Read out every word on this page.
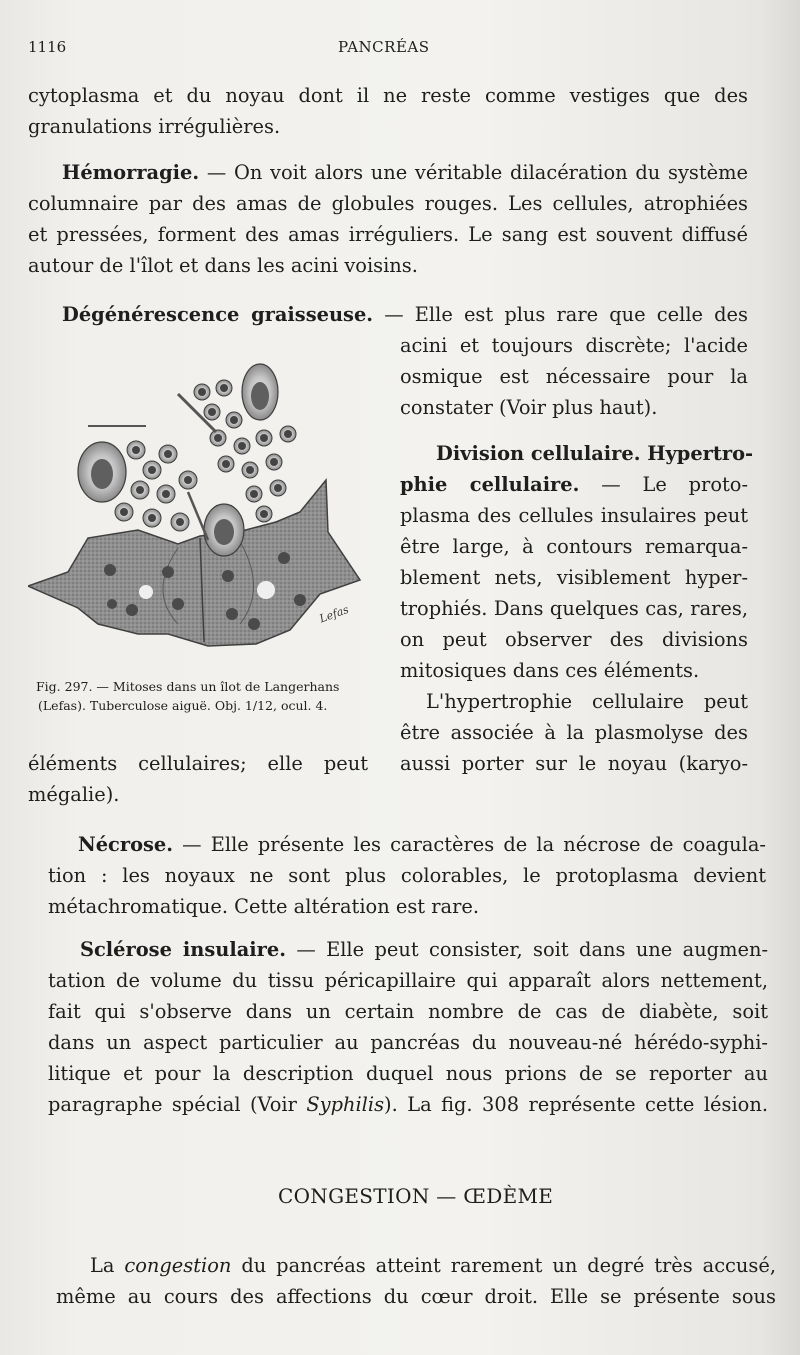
1116	PANCRÉAS
cytoplasma et du noyau dont il ne reste comme vestiges que des
granulations irrégulières.
Hémorragie. — On voit alors une véritable dilacération du système
columnaire par des amas de globules rouges. Les cellules, atrophiées
et pressées, forment des amas irréguliers. Le sang est souvent diffusé
autour de l'îlot et dans les acini voisins.
Dégénérescence graisseuse. — Elle est plus rare que celle des
acini et toujours discrète; l'acide
osmique est nécessaire pour la
constater (Voir plus haut).
Division cellulaire. Hypertro-
phie cellulaire. — Le proto-
plasma des cellules insulaires peut
être large, à contours remarqua-
blement nets, visiblement hyper-
trophiés. Dans quelques cas, rares,
on peut observer des divisions
mitosiques dans ces éléments.
L'hypertrophie cellulaire peut
être associée à la plasmolyse des
éléments cellulaires; elle peut aussi porter sur le noyau (karyo-
mégalie).
Lefas
Fig. 297. — Mitoses dans un îlot de Langerhans
(Lefas). Tuberculose aiguë. Obj. 1/12, ocul. 4.
Nécrose. — Elle présente les caractères de la nécrose de coagula-
tion : les noyaux ne sont plus colorables, le protoplasma devient
métachromatique. Cette altération est rare.
Sclérose insulaire. — Elle peut consister, soit dans une augmen-
tation de volume du tissu péricapillaire qui apparaît alors nettement,
fait qui s'observe dans un certain nombre de cas de diabète, soit
dans un aspect particulier au pancréas du nouveau-né hérédo-syphi-
litique et pour la description duquel nous prions de se reporter au
paragraphe spécial (Voir Syphilis). La fig. 308 représente cette lésion.
CONGESTION — ŒDÈME
La congestion du pancréas atteint rarement un degré très accusé,
même au cours des affections du cœur droit. Elle se présente sous
